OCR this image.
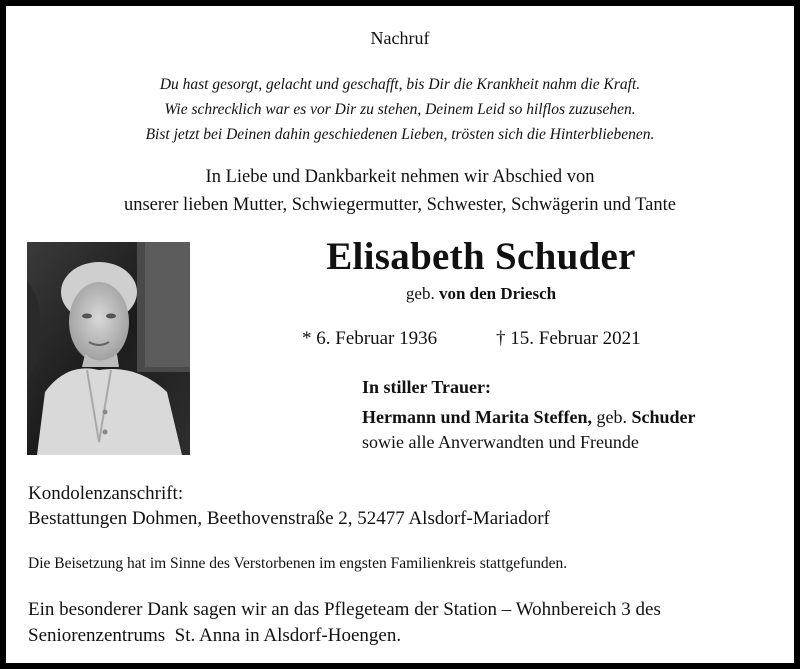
Nachruf
Du hast gesorgt, gelacht und geschafft, bis Dir die Krankheit nahm die Kraft.
Wie schrecklich war es vor Dir zu stehen, Deinem Leid so hilflos zuzusehen.
Bist jetzt bei Deinen dahin geschiedenen Lieben, trösten sich die Hinterbliebenen.
In Liebe und Dankbarkeit nehmen wir Abschied von
unserer lieben Mutter, Schwiegermutter, Schwester, Schwägerin und Tante
Elisabeth Schuder
geb. von den Driesch
* 6. Februar 1936	† 15. Februar 2021
In stiller Trauer:
Hermann und Marita Steffen, geb. Schuder
sowie alle Anverwandten und Freunde
Kondolenzanschrift:
Bestattungen Dohmen, Beethovenstraße 2, 52477 Alsdorf-Mariadorf
Die Beisetzung hat im Sinne des Verstorbenen im engsten Familienkreis stattgefunden.
Ein besonderer Dank sagen wir an das Pflegeteam der Station – Wohnbereich 3 des
Seniorenzentrums  St. Anna in Alsdorf-Hoengen.
